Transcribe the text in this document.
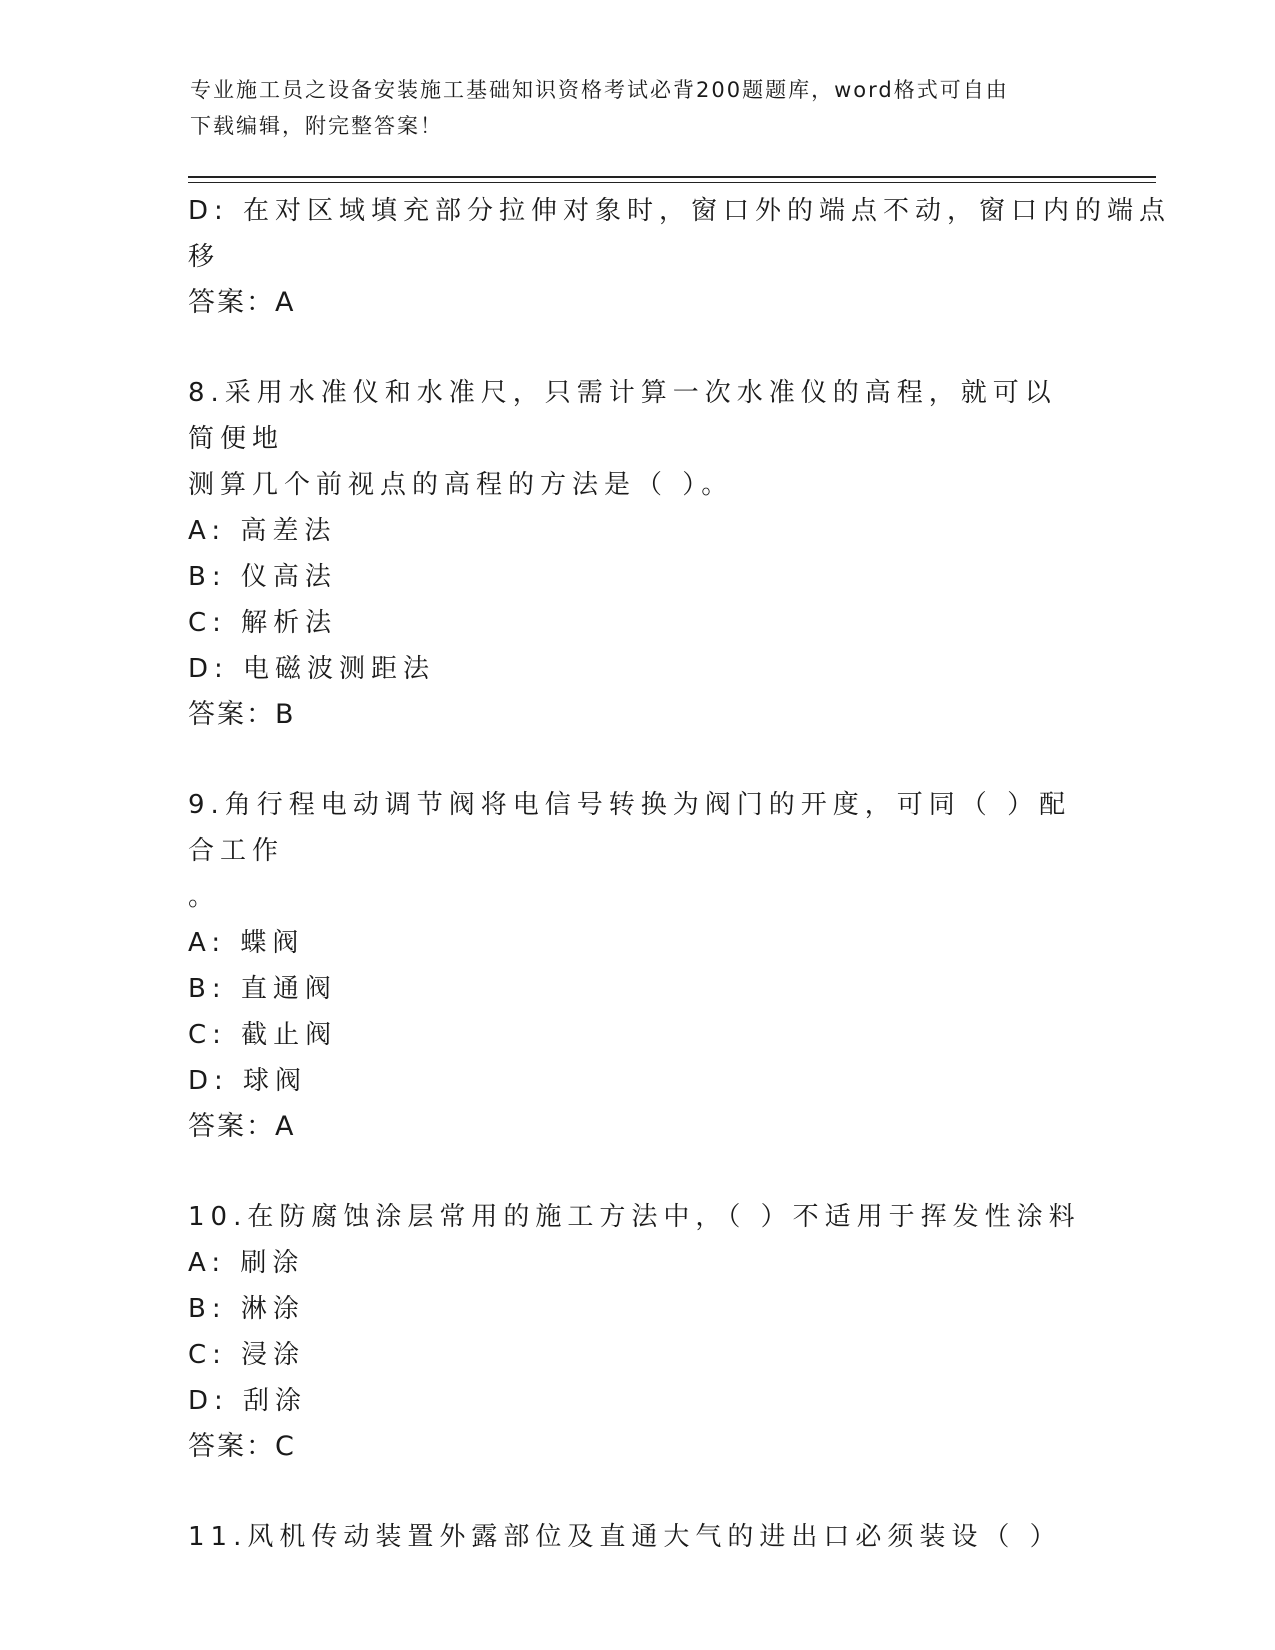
专业施工员之设备安装施工基础知识资格考试必背200题题库，word格式可自由
下载编辑，附完整答案！
D: 在对区域填充部分拉伸对象时，窗口外的端点不动，窗口内的端点
移
答案：A
8.采用水准仪和水准尺，只需计算一次水准仪的高程，就可以简便地
测算几个前视点的高程的方法是（ ）。
A: 高差法
B: 仪高法
C: 解析法
D: 电磁波测距法
答案：B
9.角行程电动调节阀将电信号转换为阀门的开度，可同（ ）配合工作
。
A: 蝶阀
B: 直通阀
C: 截止阀
D: 球阀
答案：A
10.在防腐蚀涂层常用的施工方法中，（ ）不适用于挥发性涂料
A: 刷涂
B: 淋涂
C: 浸涂
D: 刮涂
答案：C
11.风机传动装置外露部位及直通大气的进出口必须装设（ ）
